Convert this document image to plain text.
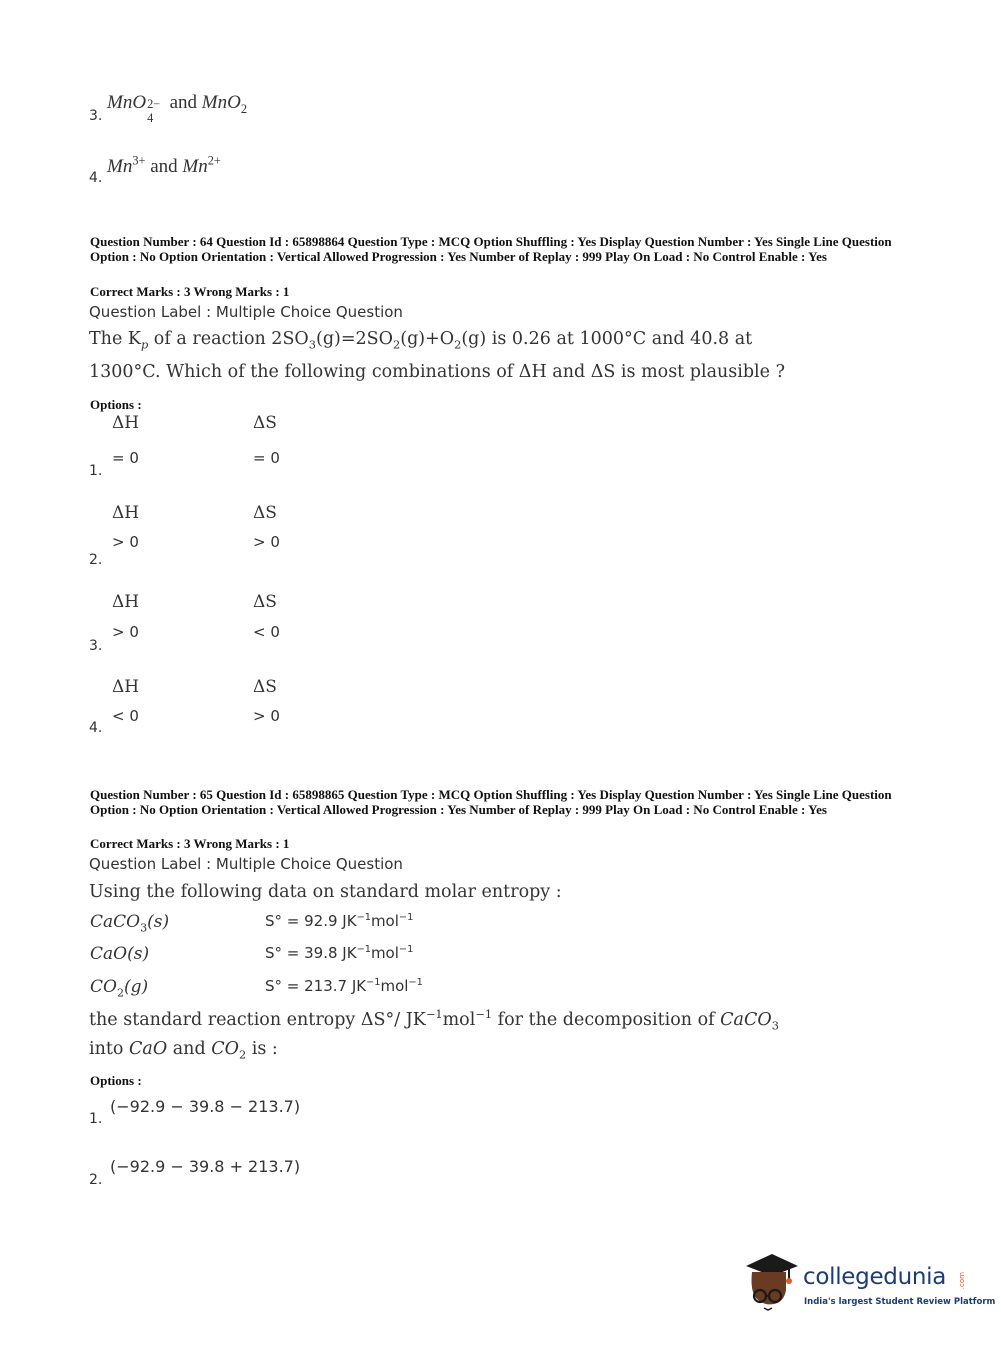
3.
MnO 2−
4
and MnO$_2$
4.
$Mn^{3+}$ and $Mn^{2+}$
Question Number : 64 Question Id : 65898864 Question Type : MCQ Option Shuffling : Yes Display Question Number : Yes Single Line Question Option : No Option Orientation : Vertical Allowed Progression : Yes Number of Replay : 999 Play On Load : No Control Enable : Yes
Correct Marks : 3 Wrong Marks : 1
Question Label : Multiple Choice Question
The $K_p$ of a reaction $2SO_3(g)=2SO_2(g)+O_2(g)$ is 0.26 at 1000°C and 40.8 at
1300°C. Which of the following combinations of ΔH and ΔS is most plausible ?
Options :
ΔH	ΔS
= 0	= 0
1.
ΔH	ΔS
> 0	> 0
2.
ΔH	ΔS
> 0	< 0
3.
ΔH	ΔS
< 0	> 0
4.
Question Number : 65 Question Id : 65898865 Question Type : MCQ Option Shuffling : Yes Display Question Number : Yes Single Line Question Option : No Option Orientation : Vertical Allowed Progression : Yes Number of Replay : 999 Play On Load : No Control Enable : Yes
Correct Marks : 3 Wrong Marks : 1
Question Label : Multiple Choice Question
Using the following data on standard molar entropy :
CaCO$_3$(s)	S° = 92.9 $JK^{-1}mol^{-1}$
CaO(s)	S° = 39.8 $JK^{-1}mol^{-1}$
$CO_2(g)$	S° = 213.7 $JK^{-1}mol^{-1}$
the standard reaction entropy ΔS°/ $JK^{-1}mol^{-1}$ for the decomposition of CaCO$_3$
into CaO and $CO_2$ is :
Options :
(−92.9 − 39.8 − 213.7)
1.
(−92.9 − 39.8 + 213.7)
2.
collegedunia .com
India's largest Student Review Platform
